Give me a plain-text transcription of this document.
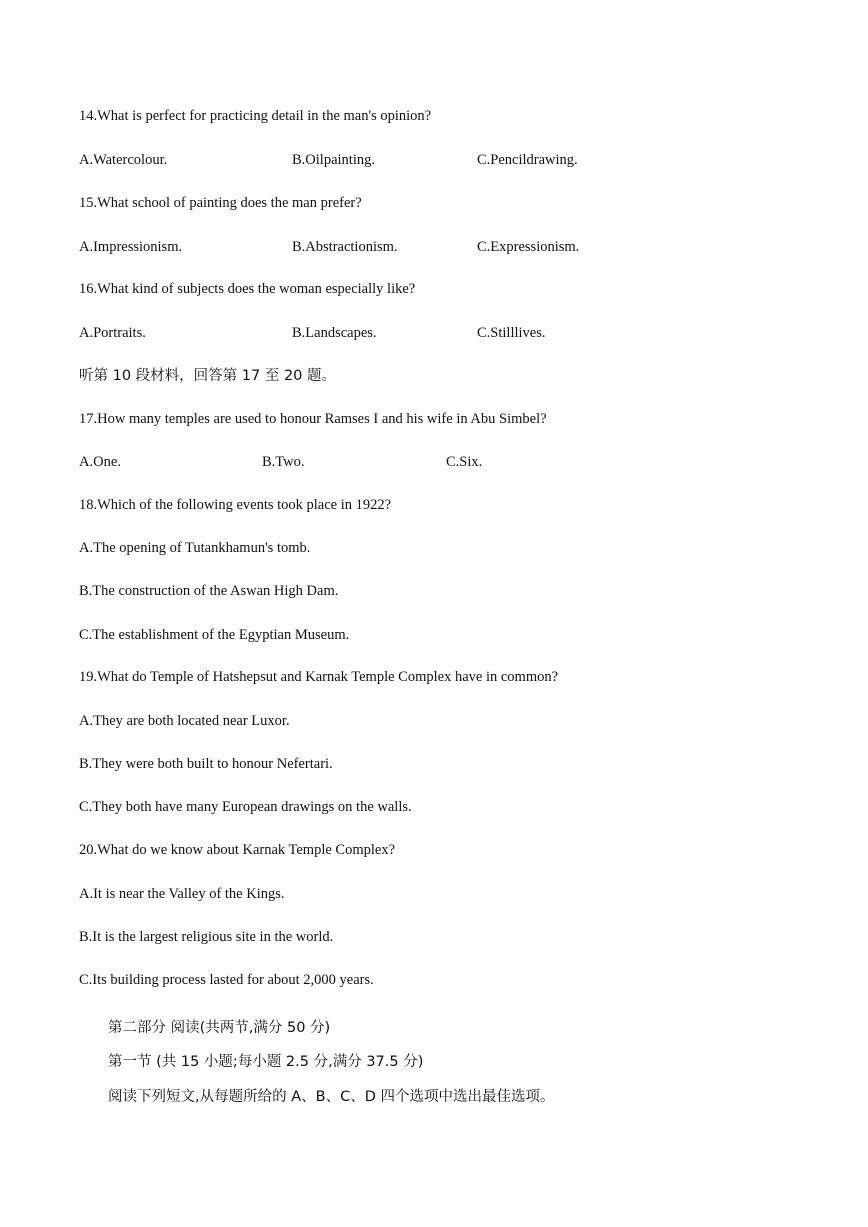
14.What is perfect for practicing detail in the man's opinion?
A.Watercolour.	B.Oilpainting.	C.Pencildrawing.
15.What school of painting does the man prefer?
A.Impressionism.	B.Abstractionism.	C.Expressionism.
16.What kind of subjects does the woman especially like?
A.Portraits.	B.Landscapes.	C.Stilllives.
听第 10 段材料，回答第 17 至 20 题。
17.How many temples are used to honour Ramses I and his wife in Abu Simbel?
A.One.	B.Two.	C.Six.
18.Which of the following events took place in 1922?
A.The opening of Tutankhamun's tomb.
B.The construction of the Aswan High Dam.
C.The establishment of the Egyptian Museum.
19.What do Temple of Hatshepsut and Karnak Temple Complex have in common?
A.They are both located near Luxor.
B.They were both built to honour Nefertari.
C.They both have many European drawings on the walls.
20.What do we know about Karnak Temple Complex?
A.It is near the Valley of the Kings.
B.It is the largest religious site in the world.
C.Its building process lasted for about 2,000 years.
第二部分 阅读(共两节,满分 50 分)
第一节 (共 15 小题;每小题 2.5 分,满分 37.5 分)
阅读下列短文,从每题所给的 A、B、C、D 四个选项中选出最佳选项。
